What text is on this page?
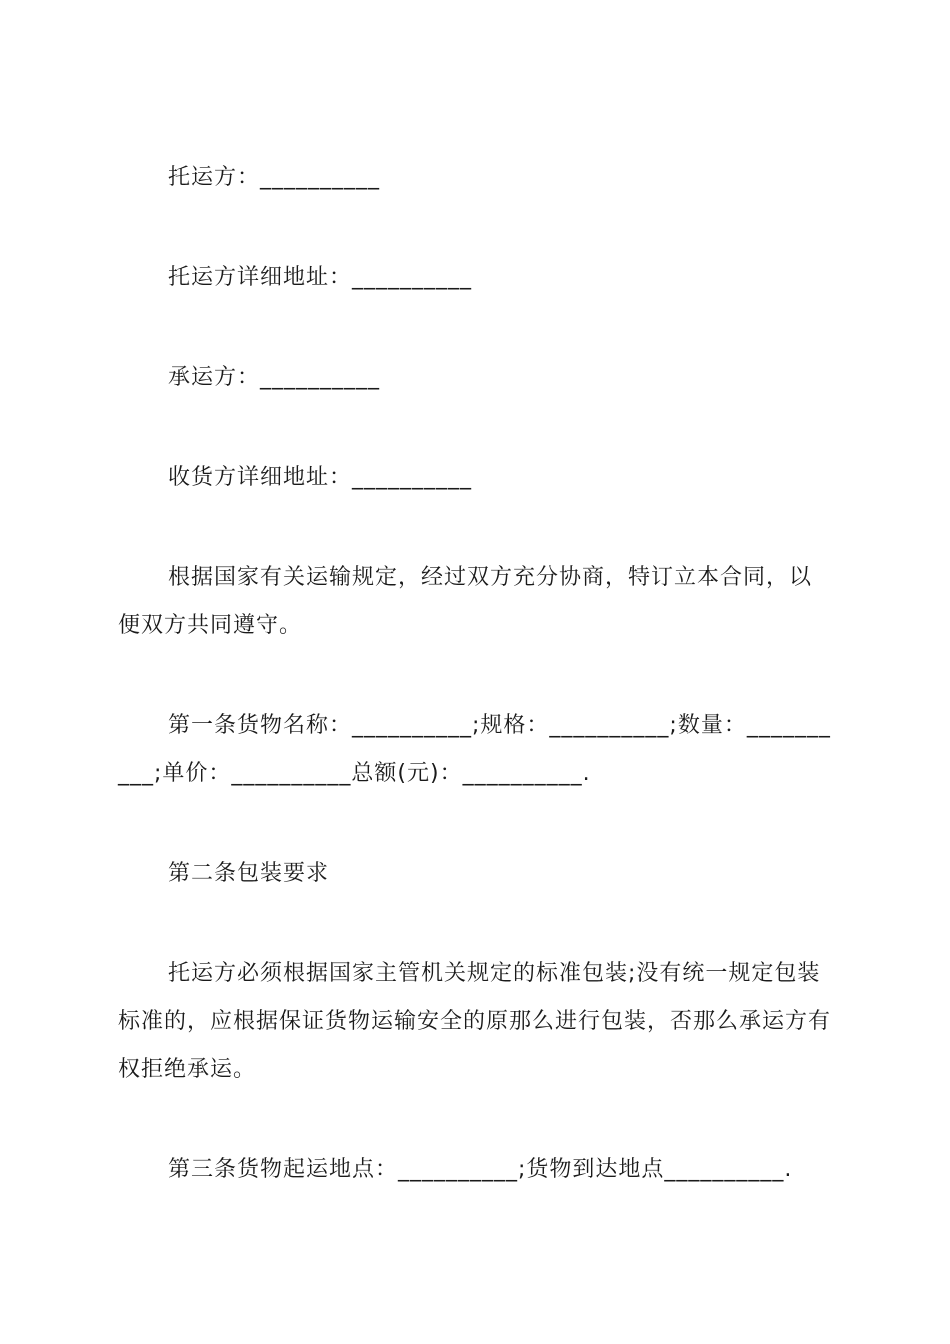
托运方：__________

托运方详细地址：__________

承运方：__________

收货方详细地址：__________

根据国家有关运输规定，经过双方充分协商，特订立本合同，以便双方共同遵守。

第一条货物名称：__________;规格：__________;数量：__________;单价：__________总额(元)：__________.

第二条包装要求

托运方必须根据国家主管机关规定的标准包装;没有统一规定包装标准的，应根据保证货物运输安全的原那么进行包装，否那么承运方有权拒绝承运。

第三条货物起运地点：__________;货物到达地点__________.
